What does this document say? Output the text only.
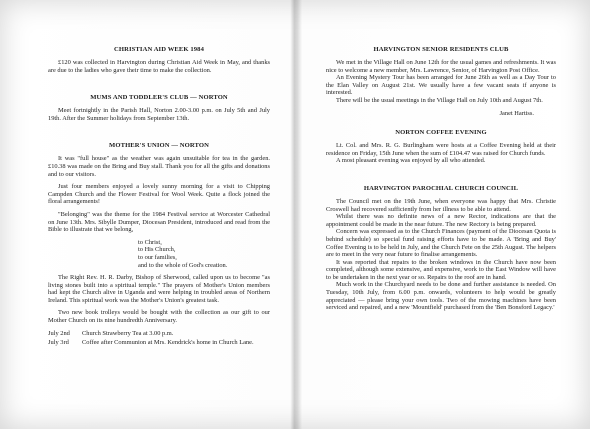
CHRISTIAN AID WEEK 1984

£120 was collected in Harvington during Christian Aid Week in May, and thanks are due to the ladies who gave their time to make the collection.

MUMS AND TODDLER'S CLUB — NORTON

Meet fortnightly in the Parish Hall, Norton 2.00-3.00 p.m. on July 5th and July 19th. After the Summer holidays from September 13th.

MOTHER'S UNION — NORTON

It was "full house" as the weather was again unsuitable for tea in the garden. £10.38 was made on the Bring and Buy stall. Thank you for all the gifts and donations and to our visitors.

Just four members enjoyed a lovely sunny morning for a visit to Chipping Campden Church and the Flower Festival for Wool Week. Quite a flock joined the floral arrangements!

"Belonging" was the theme for the 1984 Festival service at Worcester Cathedral on June 13th. Mrs. Sibylle Dumper, Diocesan President, introduced and read from the Bible to illustrate that we belong,

to Christ,
to His Church,
to our families,
and to the whole of God's creation.

The Right Rev. H. R. Darby, Bishop of Sherwood, called upon us to become "as living stones built into a spiritual temple." The prayers of Mother's Union members had kept the Church alive in Uganda and were helping in troubled areas of Northern Ireland. This spiritual work was the Mother's Union's greatest task.

Two new book trolleys would be bought with the collection as our gift to our Mother Church on its nine hundredth Anniversary.

July 2nd	Church Strawberry Tea at 3.00 p.m.
July 3rd	Coffee after Communion at Mrs. Kendrick's home in Church Lane.
HARVINGTON SENIOR RESIDENTS CLUB

We met in the Village Hall on June 12th for the usual games and refreshments. It was nice to welcome a new member, Mrs. Lawrence, Senior, of Harvington Post Office.

An Evening Mystery Tour has been arranged for June 26th as well as a Day Tour to the Elan Valley on August 21st. We usually have a few vacant seats if anyone is interested.

There will be the usual meetings in the Village Hall on July 10th and August 7th.

Janet Hartiss.
NORTON COFFEE EVENING

Lt. Col. and Mrs. R. G. Burlingham were hosts at a Coffee Evening held at their residence on Friday, 15th June when the sum of £104.47 was raised for Church funds.

A most pleasant evening was enjoyed by all who attended.

HARVINGTON PAROCHIAL CHURCH COUNCIL

The Council met on the 19th June, when everyone was happy that Mrs. Christie Croswell had recovered sufficiently from her illness to be able to attend.

Whilst there was no definite news of a new Rector, indications are that the appointment could be made in the near future. The new Rectory is being prepared.

Concern was expressed as to the Church Finances (payment of the Diocesan Quota is behind schedule) so special fund raising efforts have to be made. A 'Bring and Buy' Coffee Evening is to be held in July, and the Church Fete on the 25th August. The helpers are to meet in the very near future to finalise arrangements.

It was reported that repairs to the broken windows in the Church have now been completed, although some extensive, and expensive, work to the East Window will have to be undertaken in the next year or so. Repairs to the roof are in hand.

Much work in the Churchyard needs to be done and further assistance is needed. On Tuesday, 10th July, from 6.00 p.m. onwards, volunteers to help would be greatly appreciated — please bring your own tools. Two of the mowing machines have been serviced and repaired, and a new 'Mountfield' purchased from the 'Ben Bonsford Legacy.'
